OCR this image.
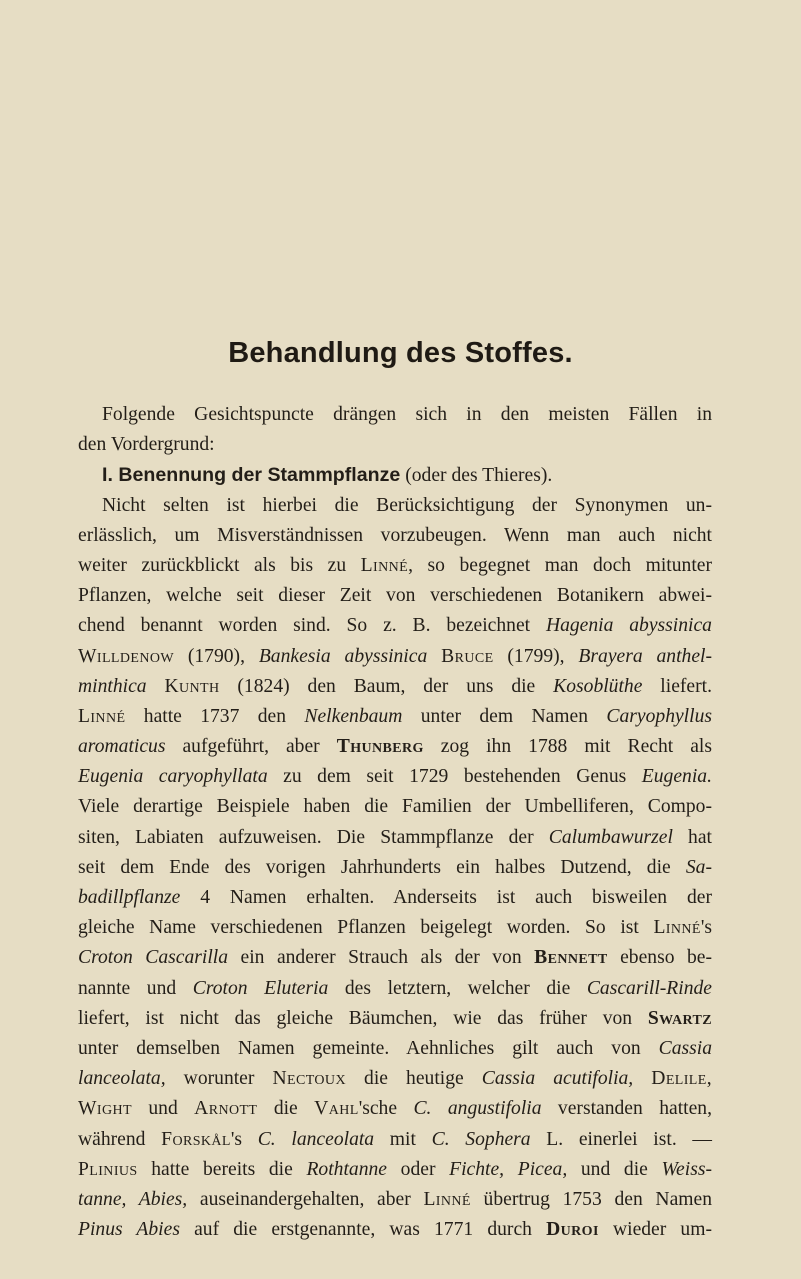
Behandlung des Stoffes.
Folgende Gesichtspuncte drängen sich in den meisten Fällen in
den Vordergrund:
I. Benennung der Stammpflanze (oder des Thieres).
Nicht selten ist hierbei die Berücksichtigung der Synonymen un-
erlässlich, um Misverständnissen vorzubeugen. Wenn man auch nicht
weiter zurückblickt als bis zu Linné, so begegnet man doch mitunter
Pflanzen, welche seit dieser Zeit von verschiedenen Botanikern abwei-
chend benannt worden sind. So z. B. bezeichnet Hagenia abyssinica
Willdenow (1790), Bankesia abyssinica Bruce (1799), Brayera anthel-
minthica Kunth (1824) den Baum, der uns die Kosoblüthe liefert.
Linné hatte 1737 den Nelkenbaum unter dem Namen Caryophyllus
aromaticus aufgeführt, aber Thunberg zog ihn 1788 mit Recht als
Eugenia caryophyllata zu dem seit 1729 bestehenden Genus Eugenia.
Viele derartige Beispiele haben die Familien der Umbelliferen, Compo-
siten, Labiaten aufzuweisen. Die Stammpflanze der Calumbawurzel hat
seit dem Ende des vorigen Jahrhunderts ein halbes Dutzend, die Sa-
badillpflanze 4 Namen erhalten. Anderseits ist auch bisweilen der
gleiche Name verschiedenen Pflanzen beigelegt worden. So ist Linné's
Croton Cascarilla ein anderer Strauch als der von Bennett ebenso be-
nannte und Croton Eluteria des letztern, welcher die Cascarill-Rinde
liefert, ist nicht das gleiche Bäumchen, wie das früher von Swartz
unter demselben Namen gemeinte. Aehnliches gilt auch von Cassia
lanceolata, worunter Nectoux die heutige Cassia acutifolia, Delile,
Wight und Arnott die Vahl'sche C. angustifolia verstanden hatten,
während Forskål's C. lanceolata mit C. Sophera L. einerlei ist. —
Plinius hatte bereits die Rothtanne oder Fichte, Picea, und die Weiss-
tanne, Abies, auseinandergehalten, aber Linné übertrug 1753 den Namen
Pinus Abies auf die erstgenannte, was 1771 durch Duroi wieder um-
